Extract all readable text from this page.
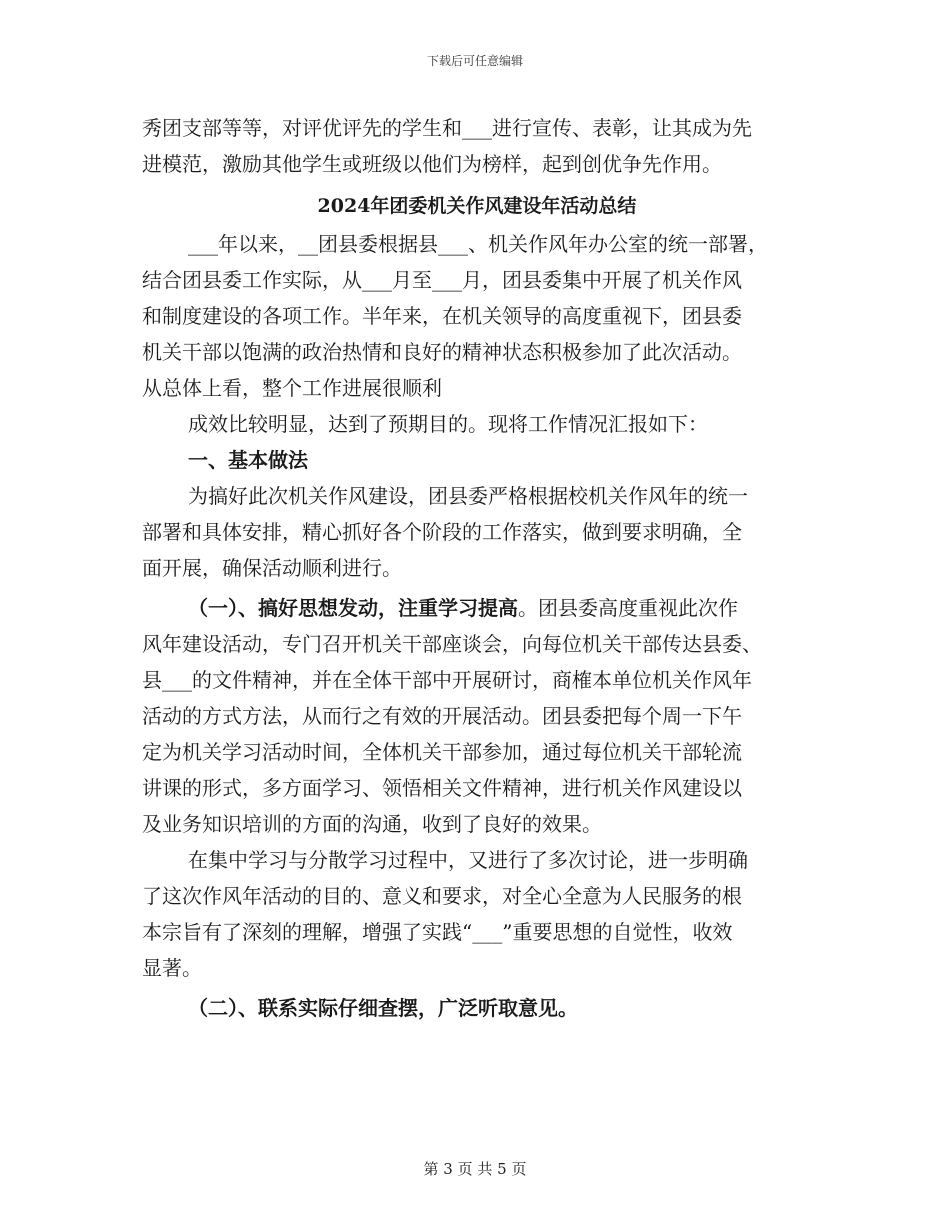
下载后可任意编辑
秀团支部等等，对评优评先的学生和___进行宣传、表彰，让其成为先
进模范，激励其他学生或班级以他们为榜样，起到创优争先作用。
2024年团委机关作风建设年活动总结
___年以来，__团县委根据县___、机关作风年办公室的统一部署，
结合团县委工作实际，从___月至___月，团县委集中开展了机关作风
和制度建设的各项工作。半年来，在机关领导的高度重视下，团县委
机关干部以饱满的政治热情和良好的精神状态积极参加了此次活动。
从总体上看，整个工作进展很顺利
成效比较明显，达到了预期目的。现将工作情况汇报如下：
一、基本做法
为搞好此次机关作风建设，团县委严格根据校机关作风年的统一
部署和具体安排，精心抓好各个阶段的工作落实，做到要求明确，全
面开展，确保活动顺利进行。
（一）、搞好思想发动，注重学习提高。团县委高度重视此次作
风年建设活动，专门召开机关干部座谈会，向每位机关干部传达县委、
县___的文件精神，并在全体干部中开展研讨，商榷本单位机关作风年
活动的方式方法，从而行之有效的开展活动。团县委把每个周一下午
定为机关学习活动时间，全体机关干部参加，通过每位机关干部轮流
讲课的形式，多方面学习、领悟相关文件精神，进行机关作风建设以
及业务知识培训的方面的沟通，收到了良好的效果。
在集中学习与分散学习过程中，又进行了多次讨论，进一步明确
了这次作风年活动的目的、意义和要求，对全心全意为人民服务的根
本宗旨有了深刻的理解，增强了实践“___”重要思想的自觉性，收效
显著。
（二）、联系实际仔细查摆，广泛听取意见。
第 3 页 共 5 页
